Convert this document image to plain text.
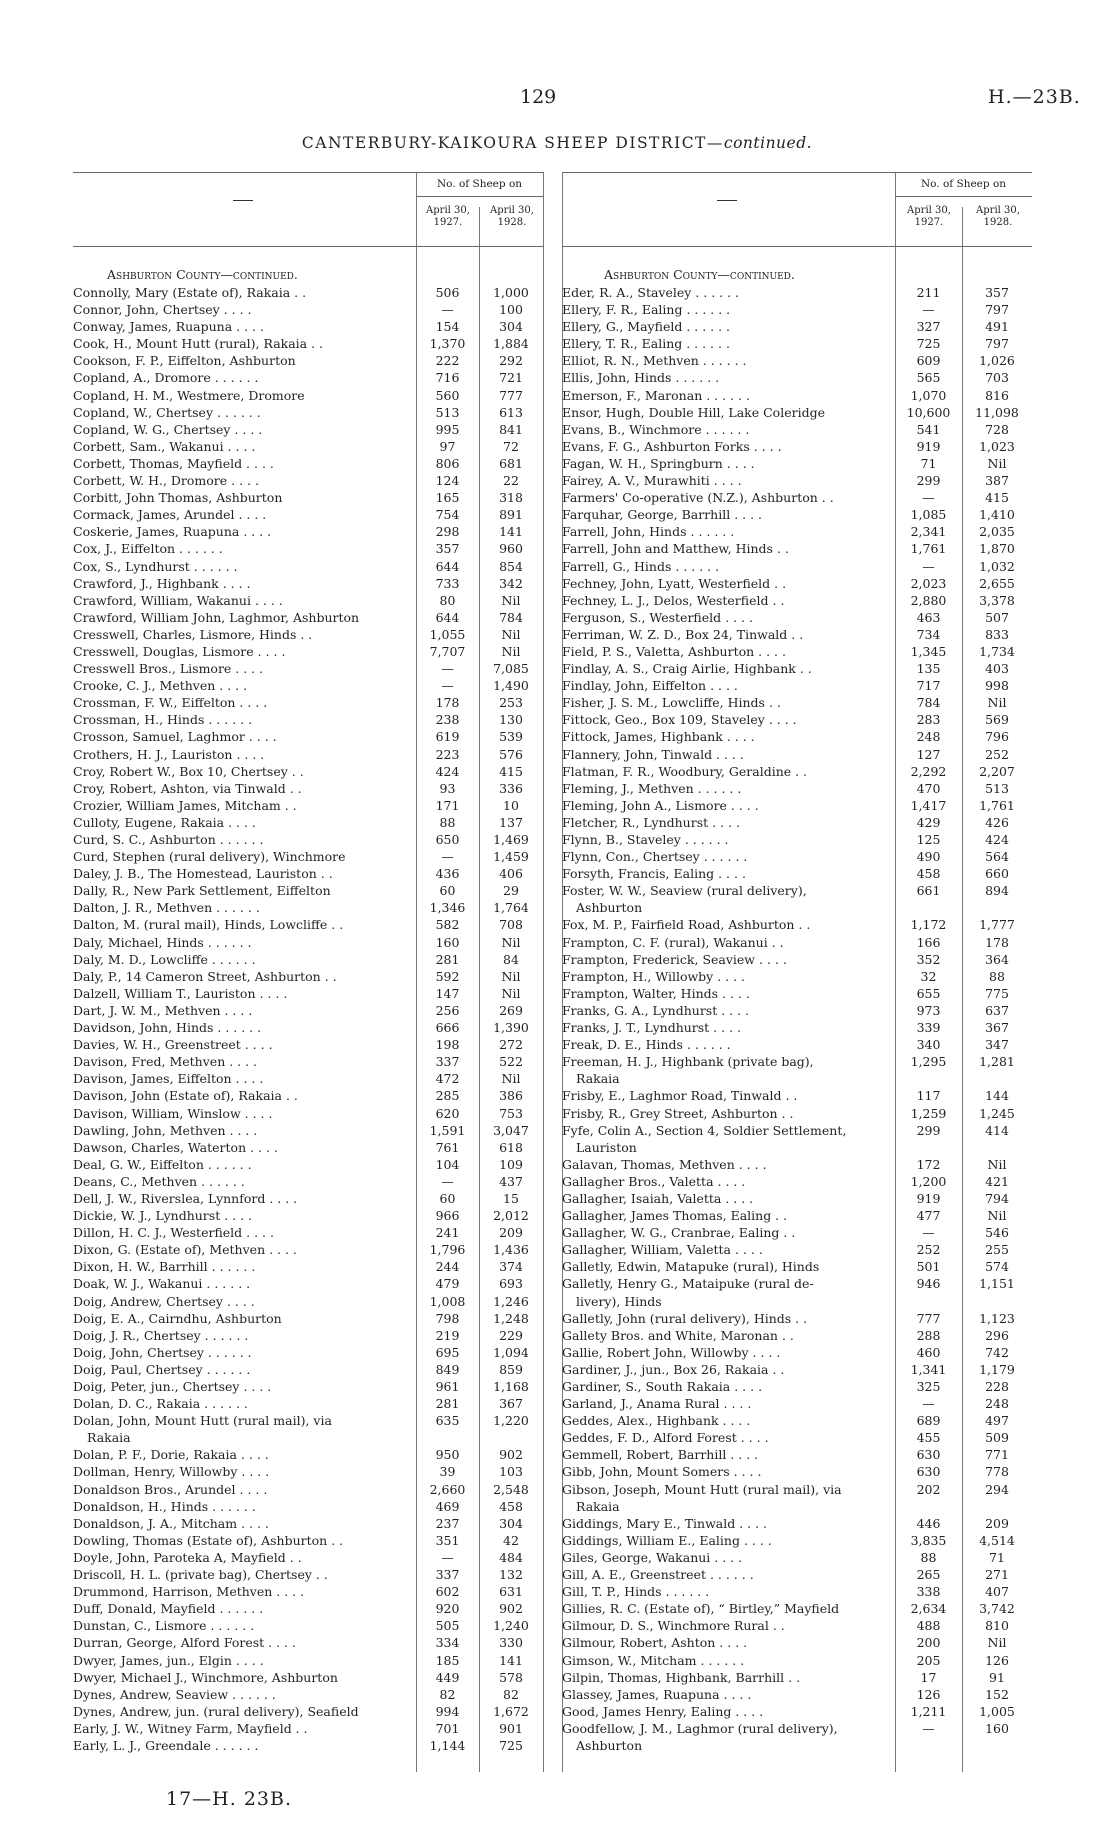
129	H.—23B.
CANTERBURY-KAIKOURA SHEEP DISTRICT—continued.
No. of Sheep on
April 30, 1927.
April 30, 1928.
Ashburton County—continued.
Connolly, Mary (Estate of), Rakaia . .	506	1,000
Connor, John, Chertsey . . . .	—	100
Conway, James, Ruapuna . . . .	154	304
Cook, H., Mount Hutt (rural), Rakaia . .	1,370	1,884
Cookson, F. P., Eiffelton, Ashburton	222	292
Copland, A., Dromore . . . . . .	716	721
Copland, H. M., Westmere, Dromore	560	777
Copland, W., Chertsey . . . . . .	513	613
Copland, W. G., Chertsey . . . .	995	841
Corbett, Sam., Wakanui . . . .	97	72
Corbett, Thomas, Mayfield . . . .	806	681
Corbett, W. H., Dromore . . . .	124	22
Corbitt, John Thomas, Ashburton	165	318
Cormack, James, Arundel . . . .	754	891
Coskerie, James, Ruapuna . . . .	298	141
Cox, J., Eiffelton . . . . . .	357	960
Cox, S., Lyndhurst . . . . . .	644	854
Crawford, J., Highbank . . . .	733	342
Crawford, William, Wakanui . . . .	80	Nil
Crawford, William John, Laghmor, Ashburton	644	784
Cresswell, Charles, Lismore, Hinds . .	1,055	Nil
Cresswell, Douglas, Lismore . . . .	7,707	Nil
Cresswell Bros., Lismore . . . .	—	7,085
Crooke, C. J., Methven . . . .	—	1,490
Crossman, F. W., Eiffelton . . . .	178	253
Crossman, H., Hinds . . . . . .	238	130
Crosson, Samuel, Laghmor . . . .	619	539
Crothers, H. J., Lauriston . . . .	223	576
Croy, Robert W., Box 10, Chertsey . .	424	415
Croy, Robert, Ashton, via Tinwald . .	93	336
Crozier, William James, Mitcham . .	171	10
Culloty, Eugene, Rakaia . . . .	88	137
Curd, S. C., Ashburton . . . . . .	650	1,469
Curd, Stephen (rural delivery), Winchmore	—	1,459
Daley, J. B., The Homestead, Lauriston . .	436	406
Dally, R., New Park Settlement, Eiffelton	60	29
Dalton, J. R., Methven . . . . . .	1,346	1,764
Dalton, M. (rural mail), Hinds, Lowcliffe . .	582	708
Daly, Michael, Hinds . . . . . .	160	Nil
Daly, M. D., Lowcliffe . . . . . .	281	84
Daly, P., 14 Cameron Street, Ashburton . .	592	Nil
Dalzell, William T., Lauriston . . . .	147	Nil
Dart, J. W. M., Methven . . . .	256	269
Davidson, John, Hinds . . . . . .	666	1,390
Davies, W. H., Greenstreet . . . .	198	272
Davison, Fred, Methven . . . .	337	522
Davison, James, Eiffelton . . . .	472	Nil
Davison, John (Estate of), Rakaia . .	285	386
Davison, William, Winslow . . . .	620	753
Dawling, John, Methven . . . .	1,591	3,047
Dawson, Charles, Waterton . . . .	761	618
Deal, G. W., Eiffelton . . . . . .	104	109
Deans, C., Methven . . . . . .	—	437
Dell, J. W., Riverslea, Lynnford . . . .	60	15
Dickie, W. J., Lyndhurst . . . .	966	2,012
Dillon, H. C. J., Westerfield . . . .	241	209
Dixon, G. (Estate of), Methven . . . .	1,796	1,436
Dixon, H. W., Barrhill . . . . . .	244	374
Doak, W. J., Wakanui . . . . . .	479	693
Doig, Andrew, Chertsey . . . .	1,008	1,246
Doig, E. A., Cairndhu, Ashburton	798	1,248
Doig, J. R., Chertsey . . . . . .	219	229
Doig, John, Chertsey . . . . . .	695	1,094
Doig, Paul, Chertsey . . . . . .	849	859
Doig, Peter, jun., Chertsey . . . .	961	1,168
Dolan, D. C., Rakaia . . . . . .	281	367
Dolan, John, Mount Hutt (rural mail), via	635	1,220
Rakaia
Dolan, P. F., Dorie, Rakaia . . . .	950	902
Dollman, Henry, Willowby . . . .	39	103
Donaldson Bros., Arundel . . . .	2,660	2,548
Donaldson, H., Hinds . . . . . .	469	458
Donaldson, J. A., Mitcham . . . .	237	304
Dowling, Thomas (Estate of), Ashburton . .	351	42
Doyle, John, Paroteka A, Mayfield . .	—	484
Driscoll, H. L. (private bag), Chertsey . .	337	132
Drummond, Harrison, Methven . . . .	602	631
Duff, Donald, Mayfield . . . . . .	920	902
Dunstan, C., Lismore . . . . . .	505	1,240
Durran, George, Alford Forest . . . .	334	330
Dwyer, James, jun., Elgin . . . .	185	141
Dwyer, Michael J., Winchmore, Ashburton	449	578
Dynes, Andrew, Seaview . . . . . .	82	82
Dynes, Andrew, jun. (rural delivery), Seafield	994	1,672
Early, J. W., Witney Farm, Mayfield . .	701	901
Early, L. J., Greendale . . . . . .	1,144	725
No. of Sheep on
April 30, 1927.
April 30, 1928.
Ashburton County—continued.
Eder, R. A., Staveley . . . . . .	211	357
Ellery, F. R., Ealing . . . . . .	—	797
Ellery, G., Mayfield . . . . . .	327	491
Ellery, T. R., Ealing . . . . . .	725	797
Elliot, R. N., Methven . . . . . .	609	1,026
Ellis, John, Hinds . . . . . .	565	703
Emerson, F., Maronan . . . . . .	1,070	816
Ensor, Hugh, Double Hill, Lake Coleridge	10,600	11,098
Evans, B., Winchmore . . . . . .	541	728
Evans, F. G., Ashburton Forks . . . .	919	1,023
Fagan, W. H., Springburn . . . .	71	Nil
Fairey, A. V., Murawhiti . . . .	299	387
Farmers' Co-operative (N.Z.), Ashburton . .	—	415
Farquhar, George, Barrhill . . . .	1,085	1,410
Farrell, John, Hinds . . . . . .	2,341	2,035
Farrell, John and Matthew, Hinds . .	1,761	1,870
Farrell, G., Hinds . . . . . .	—	1,032
Fechney, John, Lyatt, Westerfield . .	2,023	2,655
Fechney, L. J., Delos, Westerfield . .	2,880	3,378
Ferguson, S., Westerfield . . . .	463	507
Ferriman, W. Z. D., Box 24, Tinwald . .	734	833
Field, P. S., Valetta, Ashburton . . . .	1,345	1,734
Findlay, A. S., Craig Airlie, Highbank . .	135	403
Findlay, John, Eiffelton . . . .	717	998
Fisher, J. S. M., Lowcliffe, Hinds . .	784	Nil
Fittock, Geo., Box 109, Staveley . . . .	283	569
Fittock, James, Highbank . . . .	248	796
Flannery, John, Tinwald . . . .	127	252
Flatman, F. R., Woodbury, Geraldine . .	2,292	2,207
Fleming, J., Methven . . . . . .	470	513
Fleming, John A., Lismore . . . .	1,417	1,761
Fletcher, R., Lyndhurst . . . .	429	426
Flynn, B., Staveley . . . . . .	125	424
Flynn, Con., Chertsey . . . . . .	490	564
Forsyth, Francis, Ealing . . . .	458	660
Foster, W. W., Seaview (rural delivery),	661	894
Ashburton
Fox, M. P., Fairfield Road, Ashburton . .	1,172	1,777
Frampton, C. F. (rural), Wakanui . .	166	178
Frampton, Frederick, Seaview . . . .	352	364
Frampton, H., Willowby . . . .	32	88
Frampton, Walter, Hinds . . . .	655	775
Franks, G. A., Lyndhurst . . . .	973	637
Franks, J. T., Lyndhurst . . . .	339	367
Freak, D. E., Hinds . . . . . .	340	347
Freeman, H. J., Highbank (private bag),	1,295	1,281
Rakaia
Frisby, E., Laghmor Road, Tinwald . .	117	144
Frisby, R., Grey Street, Ashburton . .	1,259	1,245
Fyfe, Colin A., Section 4, Soldier Settlement,	299	414
Lauriston
Galavan, Thomas, Methven . . . .	172	Nil
Gallagher Bros., Valetta . . . .	1,200	421
Gallagher, Isaiah, Valetta . . . .	919	794
Gallagher, James Thomas, Ealing . .	477	Nil
Gallagher, W. G., Cranbrae, Ealing . .	—	546
Gallagher, William, Valetta . . . .	252	255
Galletly, Edwin, Matapuke (rural), Hinds	501	574
Galletly, Henry G., Mataipuke (rural de-	946	1,151
livery), Hinds
Galletly, John (rural delivery), Hinds . .	777	1,123
Gallety Bros. and White, Maronan . .	288	296
Gallie, Robert John, Willowby . . . .	460	742
Gardiner, J., jun., Box 26, Rakaia . .	1,341	1,179
Gardiner, S., South Rakaia . . . .	325	228
Garland, J., Anama Rural . . . .	—	248
Geddes, Alex., Highbank . . . .	689	497
Geddes, F. D., Alford Forest . . . .	455	509
Gemmell, Robert, Barrhill . . . .	630	771
Gibb, John, Mount Somers . . . .	630	778
Gibson, Joseph, Mount Hutt (rural mail), via	202	294
Rakaia
Giddings, Mary E., Tinwald . . . .	446	209
Giddings, William E., Ealing . . . .	3,835	4,514
Giles, George, Wakanui . . . .	88	71
Gill, A. E., Greenstreet . . . . . .	265	271
Gill, T. P., Hinds . . . . . .	338	407
Gillies, R. C. (Estate of), “ Birtley,” Mayfield	2,634	3,742
Gilmour, D. S., Winchmore Rural . .	488	810
Gilmour, Robert, Ashton . . . .	200	Nil
Gimson, W., Mitcham . . . . . .	205	126
Gilpin, Thomas, Highbank, Barrhill . .	17	91
Glassey, James, Ruapuna . . . .	126	152
Good, James Henry, Ealing . . . .	1,211	1,005
Goodfellow, J. M., Laghmor (rural delivery),	—	160
Ashburton
17—H. 23B.
